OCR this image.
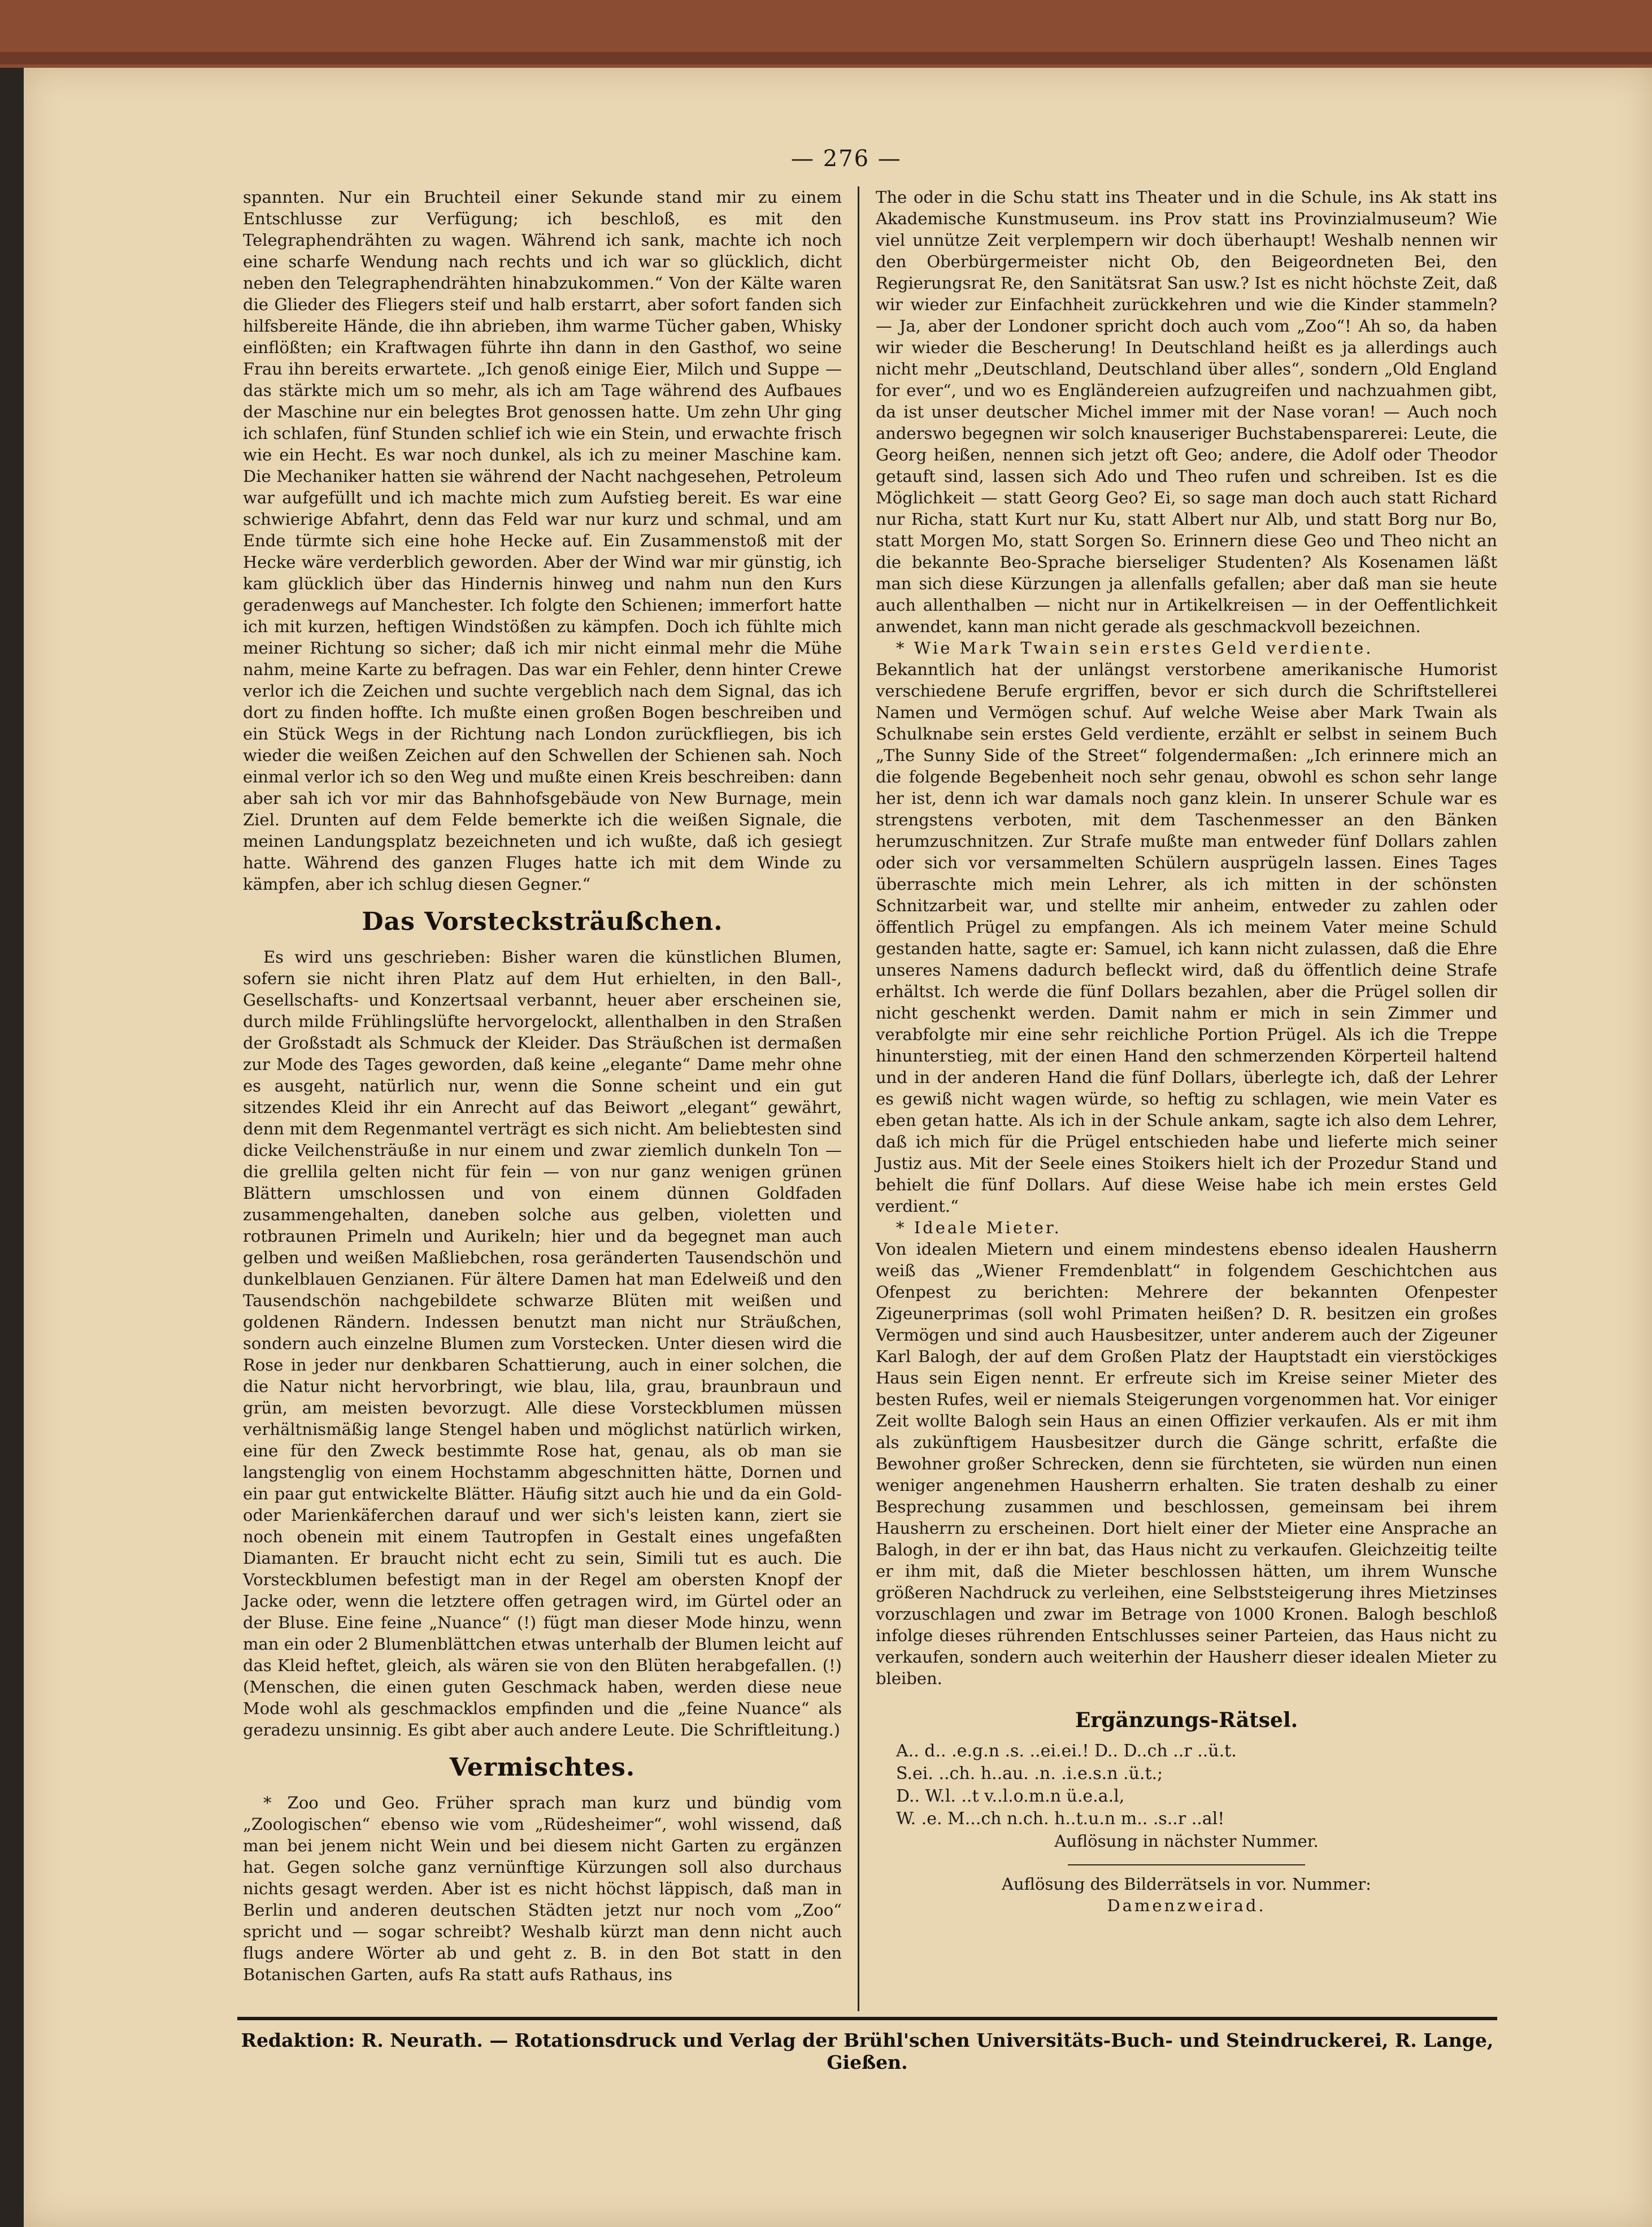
— 276 —

spannten. Nur ein Bruchteil einer Sekunde stand mir zu einem Entschlusse zur Verfügung; ich beschloß, es mit den Telegraphendrähten zu wagen. Während ich sank, machte ich noch eine scharfe Wendung nach rechts und ich war so glücklich, dicht neben den Telegraphendrähten hinabzukommen.“ Von der Kälte waren die Glieder des Fliegers steif und halb erstarrt, aber sofort fanden sich hilfsbereite Hände, die ihn abrieben, ihm warme Tücher gaben, Whisky einflößten; ein Kraftwagen führte ihn dann in den Gasthof, wo seine Frau ihn bereits erwartete. „Ich genoß einige Eier, Milch und Suppe — das stärkte mich um so mehr, als ich am Tage während des Aufbaues der Maschine nur ein belegtes Brot genossen hatte. Um zehn Uhr ging ich schlafen, fünf Stunden schlief ich wie ein Stein, und erwachte frisch wie ein Hecht. Es war noch dunkel, als ich zu meiner Maschine kam. Die Mechaniker hatten sie während der Nacht nachgesehen, Petroleum war aufgefüllt und ich machte mich zum Aufstieg bereit. Es war eine schwierige Abfahrt, denn das Feld war nur kurz und schmal, und am Ende türmte sich eine hohe Hecke auf. Ein Zusammenstoß mit der Hecke wäre verderblich geworden. Aber der Wind war mir günstig, ich kam glücklich über das Hindernis hinweg und nahm nun den Kurs geradenwegs auf Manchester. Ich folgte den Schienen; immerfort hatte ich mit kurzen, heftigen Windstößen zu kämpfen. Doch ich fühlte mich meiner Richtung so sicher; daß ich mir nicht einmal mehr die Mühe nahm, meine Karte zu befragen. Das war ein Fehler, denn hinter Crewe verlor ich die Zeichen und suchte vergeblich nach dem Signal, das ich dort zu finden hoffte. Ich mußte einen großen Bogen beschreiben und ein Stück Wegs in der Richtung nach London zurückfliegen, bis ich wieder die weißen Zeichen auf den Schwellen der Schienen sah. Noch einmal verlor ich so den Weg und mußte einen Kreis beschreiben: dann aber sah ich vor mir das Bahnhofsgebäude von New Burnage, mein Ziel. Drunten auf dem Felde bemerkte ich die weißen Signale, die meinen Landungsplatz bezeichneten und ich wußte, daß ich gesiegt hatte. Während des ganzen Fluges hatte ich mit dem Winde zu kämpfen, aber ich schlug diesen Gegner.“

Das Vorstecksträußchen.

Es wird uns geschrieben: Bisher waren die künstlichen Blumen, sofern sie nicht ihren Platz auf dem Hut erhielten, in den Ball-, Gesellschafts- und Konzertsaal verbannt, heuer aber erscheinen sie, durch milde Frühlingslüfte hervorgelockt, allenthalben in den Straßen der Großstadt als Schmuck der Kleider. Das Sträußchen ist dermaßen zur Mode des Tages geworden, daß keine „elegante“ Dame mehr ohne es ausgeht, natürlich nur, wenn die Sonne scheint und ein gut sitzendes Kleid ihr ein Anrecht auf das Beiwort „elegant“ gewährt, denn mit dem Regenmantel verträgt es sich nicht. Am beliebtesten sind dicke Veilchensträuße in nur einem und zwar ziemlich dunkeln Ton — die grellila gelten nicht für fein — von nur ganz wenigen grünen Blättern umschlossen und von einem dünnen Goldfaden zusammengehalten, daneben solche aus gelben, violetten und rotbraunen Primeln und Aurikeln; hier und da begegnet man auch gelben und weißen Maßliebchen, rosa geränderten Tausendschön und dunkelblauen Genzianen. Für ältere Damen hat man Edelweiß und den Tausendschön nachgebildete schwarze Blüten mit weißen und goldenen Rändern. Indessen benutzt man nicht nur Sträußchen, sondern auch einzelne Blumen zum Vorstecken. Unter diesen wird die Rose in jeder nur denkbaren Schattierung, auch in einer solchen, die die Natur nicht hervorbringt, wie blau, lila, grau, braunbraun und grün, am meisten bevorzugt. Alle diese Vorsteckblumen müssen verhältnismäßig lange Stengel haben und möglichst natürlich wirken, eine für den Zweck bestimmte Rose hat, genau, als ob man sie langstenglig von einem Hochstamm abgeschnitten hätte, Dornen und ein paar gut entwickelte Blätter. Häufig sitzt auch hie und da ein Gold- oder Marienkäferchen darauf und wer sich's leisten kann, ziert sie noch obenein mit einem Tautropfen in Gestalt eines ungefaßten Diamanten. Er braucht nicht echt zu sein, Simili tut es auch. Die Vorsteckblumen befestigt man in der Regel am obersten Knopf der Jacke oder, wenn die letztere offen getragen wird, im Gürtel oder an der Bluse. Eine feine „Nuance“ (!) fügt man dieser Mode hinzu, wenn man ein oder 2 Blumenblättchen etwas unterhalb der Blumen leicht auf das Kleid heftet, gleich, als wären sie von den Blüten herabgefallen. (!) (Menschen, die einen guten Geschmack haben, werden diese neue Mode wohl als geschmacklos empfinden und die „feine Nuance“ als geradezu unsinnig. Es gibt aber auch andere Leute. Die Schriftleitung.)

Vermischtes.

* Zoo und Geo. Früher sprach man kurz und bündig vom „Zoologischen“ ebenso wie vom „Rüdesheimer“, wohl wissend, daß man bei jenem nicht Wein und bei diesem nicht Garten zu ergänzen hat. Gegen solche ganz vernünftige Kürzungen soll also durchaus nichts gesagt werden. Aber ist es nicht höchst läppisch, daß man in Berlin und anderen deutschen Städten jetzt nur noch vom „Zoo“ spricht und — sogar schreibt? Weshalb kürzt man denn nicht auch flugs andere Wörter ab und geht z. B. in den Bot statt in den Botanischen Garten, aufs Ra statt aufs Rathaus, ins

The oder in die Schu statt ins Theater und in die Schule, ins Ak statt ins Akademische Kunstmuseum. ins Prov statt ins Provinzialmuseum? Wie viel unnütze Zeit verplempern wir doch überhaupt! Weshalb nennen wir den Oberbürgermeister nicht Ob, den Beigeordneten Bei, den Regierungsrat Re, den Sanitätsrat San usw.? Ist es nicht höchste Zeit, daß wir wieder zur Einfachheit zurückkehren und wie die Kinder stammeln? — Ja, aber der Londoner spricht doch auch vom „Zoo“! Ah so, da haben wir wieder die Bescherung! In Deutschland heißt es ja allerdings auch nicht mehr „Deutschland, Deutschland über alles“, sondern „Old England for ever“, und wo es Engländereien aufzugreifen und nachzuahmen gibt, da ist unser deutscher Michel immer mit der Nase voran! — Auch noch anderswo begegnen wir solch knauseriger Buchstabensparerei: Leute, die Georg heißen, nennen sich jetzt oft Geo; andere, die Adolf oder Theodor getauft sind, lassen sich Ado und Theo rufen und schreiben. Ist es die Möglichkeit — statt Georg Geo? Ei, so sage man doch auch statt Richard nur Richa, statt Kurt nur Ku, statt Albert nur Alb, und statt Borg nur Bo, statt Morgen Mo, statt Sorgen So. Erinnern diese Geo und Theo nicht an die bekannte Beo-Sprache bierseliger Studenten? Als Kosenamen läßt man sich diese Kürzungen ja allenfalls gefallen; aber daß man sie heute auch allenthalben — nicht nur in Artikelkreisen — in der Oeffentlichkeit anwendet, kann man nicht gerade als geschmackvoll bezeichnen.

* Wie Mark Twain sein erstes Geld verdiente.

Bekanntlich hat der unlängst verstorbene amerikanische Humorist verschiedene Berufe ergriffen, bevor er sich durch die Schriftstellerei Namen und Vermögen schuf. Auf welche Weise aber Mark Twain als Schulknabe sein erstes Geld verdiente, erzählt er selbst in seinem Buch „The Sunny Side of the Street“ folgendermaßen: „Ich erinnere mich an die folgende Begebenheit noch sehr genau, obwohl es schon sehr lange her ist, denn ich war damals noch ganz klein. In unserer Schule war es strengstens verboten, mit dem Taschenmesser an den Bänken herumzuschnitzen. Zur Strafe mußte man entweder fünf Dollars zahlen oder sich vor versammelten Schülern ausprügeln lassen. Eines Tages überraschte mich mein Lehrer, als ich mitten in der schönsten Schnitzarbeit war, und stellte mir anheim, entweder zu zahlen oder öffentlich Prügel zu empfangen. Als ich meinem Vater meine Schuld gestanden hatte, sagte er: Samuel, ich kann nicht zulassen, daß die Ehre unseres Namens dadurch befleckt wird, daß du öffentlich deine Strafe erhältst. Ich werde die fünf Dollars bezahlen, aber die Prügel sollen dir nicht geschenkt werden. Damit nahm er mich in sein Zimmer und verabfolgte mir eine sehr reichliche Portion Prügel. Als ich die Treppe hinunterstieg, mit der einen Hand den schmerzenden Körperteil haltend und in der anderen Hand die fünf Dollars, überlegte ich, daß der Lehrer es gewiß nicht wagen würde, so heftig zu schlagen, wie mein Vater es eben getan hatte. Als ich in der Schule ankam, sagte ich also dem Lehrer, daß ich mich für die Prügel entschieden habe und lieferte mich seiner Justiz aus. Mit der Seele eines Stoikers hielt ich der Prozedur Stand und behielt die fünf Dollars. Auf diese Weise habe ich mein erstes Geld verdient.“

* Ideale Mieter.

Von idealen Mietern und einem mindestens ebenso idealen Hausherrn weiß das „Wiener Fremdenblatt“ in folgendem Geschichtchen aus Ofenpest zu berichten: Mehrere der bekannten Ofenpester Zigeunerprimas (soll wohl Primaten heißen? D. R. besitzen ein großes Vermögen und sind auch Hausbesitzer, unter anderem auch der Zigeuner Karl Balogh, der auf dem Großen Platz der Hauptstadt ein vierstöckiges Haus sein Eigen nennt. Er erfreute sich im Kreise seiner Mieter des besten Rufes, weil er niemals Steigerungen vorgenommen hat. Vor einiger Zeit wollte Balogh sein Haus an einen Offizier verkaufen. Als er mit ihm als zukünftigem Hausbesitzer durch die Gänge schritt, erfaßte die Bewohner großer Schrecken, denn sie fürchteten, sie würden nun einen weniger angenehmen Hausherrn erhalten. Sie traten deshalb zu einer Besprechung zusammen und beschlossen, gemeinsam bei ihrem Hausherrn zu erscheinen. Dort hielt einer der Mieter eine Ansprache an Balogh, in der er ihn bat, das Haus nicht zu verkaufen. Gleichzeitig teilte er ihm mit, daß die Mieter beschlossen hätten, um ihrem Wunsche größeren Nachdruck zu verleihen, eine Selbststeigerung ihres Mietzinses vorzuschlagen und zwar im Betrage von 1000 Kronen. Balogh beschloß infolge dieses rührenden Entschlusses seiner Parteien, das Haus nicht zu verkaufen, sondern auch weiterhin der Hausherr dieser idealen Mieter zu bleiben.

Ergänzungs-Rätsel.
A.. d.. .e.g.n .s. ..ei.ei.! D.. D..ch ..r ..ü.t.
S.ei. ..ch. h..au. .n. .i.e.s.n .ü.t.;
D.. W.l. ..t v..l.o.m.n ü.e.a.l,
W. .e. M...ch n.ch. h..t.u.n m.. .s..r ..al!

Auflösung in nächster Nummer.

Auflösung des Bilderrätsels in vor. Nummer:

Damenzweirad.

Redaktion: R. Neurath. — Rotationsdruck und Verlag der Brühl'schen Universitäts-Buch- und Steindruckerei, R. Lange, Gießen.
